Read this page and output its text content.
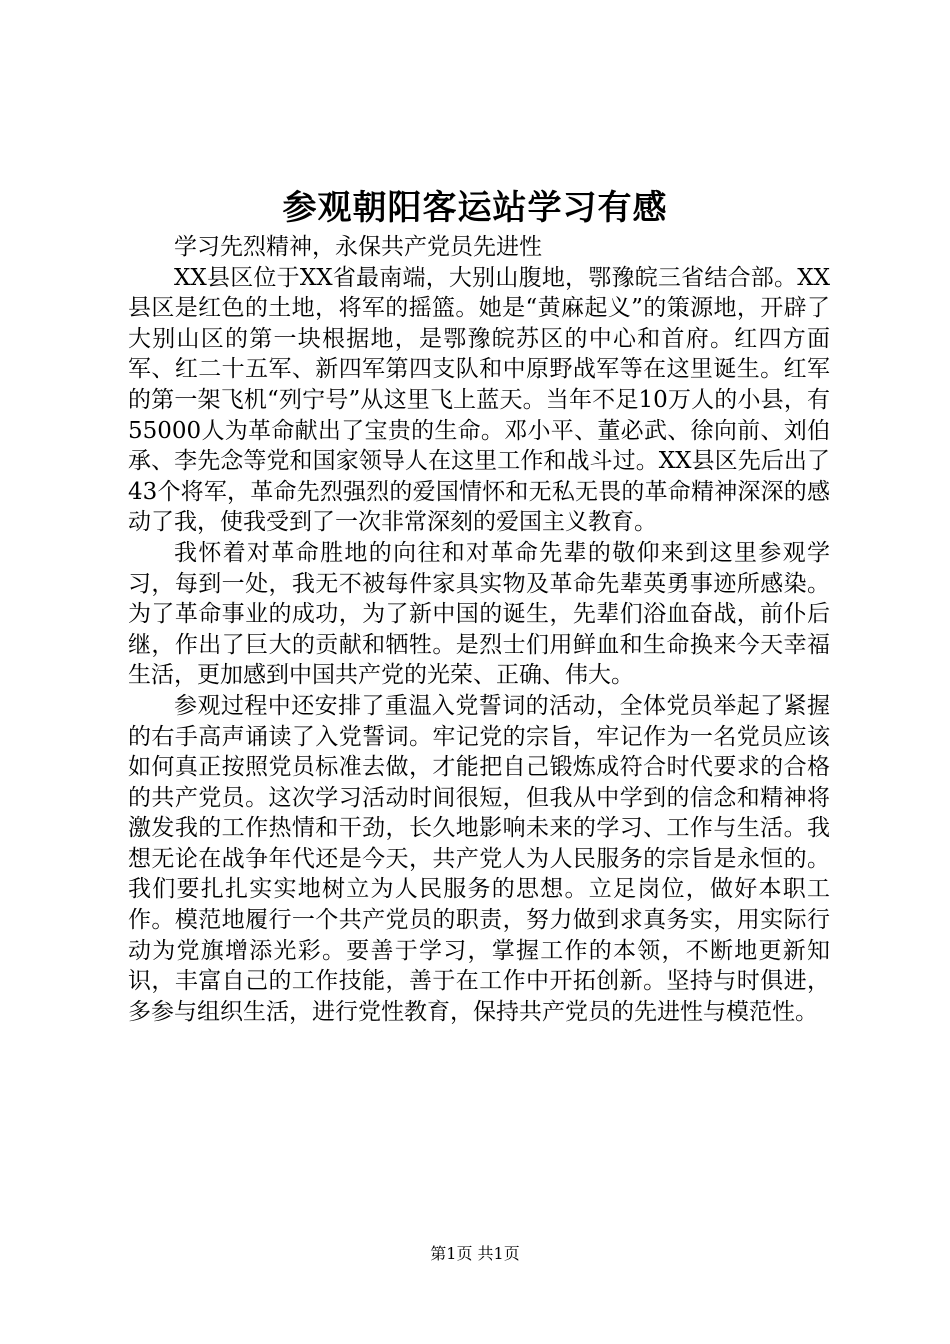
参观朝阳客运站学习有感

学习先烈精神，永保共产党员先进性

XX县区位于XX省最南端，大别山腹地，鄂豫皖三省结合部。XX县区是红色的土地，将军的摇篮。她是“黄麻起义”的策源地，开辟了大别山区的第一块根据地，是鄂豫皖苏区的中心和首府。红四方面军、红二十五军、新四军第四支队和中原野战军等在这里诞生。红军的第一架飞机“列宁号”从这里飞上蓝天。当年不足10万人的小县，有55000人为革命献出了宝贵的生命。邓小平、董必武、徐向前、刘伯承、李先念等党和国家领导人在这里工作和战斗过。XX县区先后出了43个将军，革命先烈强烈的爱国情怀和无私无畏的革命精神深深的感动了我，使我受到了一次非常深刻的爱国主义教育。

我怀着对革命胜地的向往和对革命先辈的敬仰来到这里参观学习，每到一处，我无不被每件家具实物及革命先辈英勇事迹所感染。为了革命事业的成功，为了新中国的诞生，先辈们浴血奋战，前仆后继，作出了巨大的贡献和牺牲。是烈士们用鲜血和生命换来今天幸福生活，更加感到中国共产党的光荣、正确、伟大。

参观过程中还安排了重温入党誓词的活动，全体党员举起了紧握的右手高声诵读了入党誓词。牢记党的宗旨，牢记作为一名党员应该如何真正按照党员标准去做，才能把自己锻炼成符合时代要求的合格的共产党员。这次学习活动时间很短，但我从中学到的信念和精神将激发我的工作热情和干劲，长久地影响未来的学习、工作与生活。我想无论在战争年代还是今天，共产党人为人民服务的宗旨是永恒的。我们要扎扎实实地树立为人民服务的思想。立足岗位，做好本职工作。模范地履行一个共产党员的职责，努力做到求真务实，用实际行动为党旗增添光彩。要善于学习，掌握工作的本领，不断地更新知识，丰富自己的工作技能，善于在工作中开拓创新。坚持与时俱进，多参与组织生活，进行党性教育，保持共产党员的先进性与模范性。

第1页 共1页
